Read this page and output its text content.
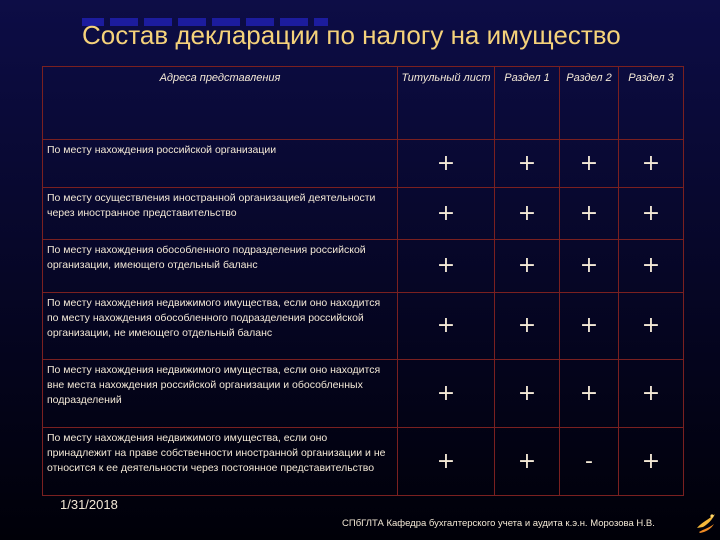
Состав декларации по налогу на имущество
Адреса представления	Титульный лист	Раздел 1	Раздел 2	Раздел 3
По месту нахождения российской организации	+	+	+	+
По месту осуществления иностранной организацией деятельности через иностранное представительство	+	+	+	+
По месту нахождения обособленного подразделения российской организации, имеющего отдельный баланс	+	+	+	+
По месту нахождения недвижимого имущества, если оно находится по месту нахождения обособленного подразделения российской организации, не имеющего отдельный баланс	+	+	+	+
По месту нахождения недвижимого имущества, если оно находится вне места нахождения российской организации и обособленных подразделений	+	+	+	+
По месту нахождения недвижимого имущества, если оно принадлежит на праве собственности иностранной организации и не относится к ее деятельности через постоянное представительство	+	+	-	+
1/31/2018
СПбГЛТА Кафедра бухгалтерского учета и аудита к.э.н. Морозова Н.В.
